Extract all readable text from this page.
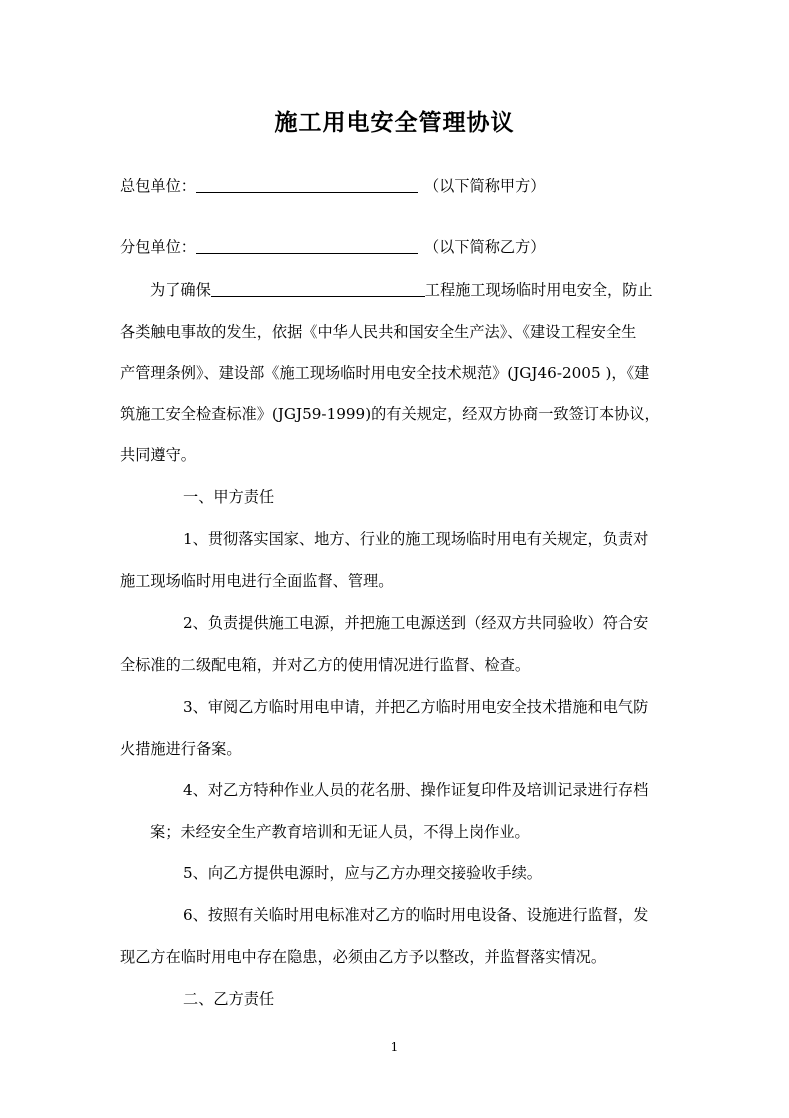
施工用电安全管理协议
总包单位：	（以下简称甲方）
分包单位：	（以下简称乙方）
为了确保	工程施工现场临时用电安全，防止
各类触电事故的发生，依据《中华人民共和国安全生产法》、《建设工程安全生
产管理条例》、建设部《施工现场临时用电安全技术规范》(JGJ46-2005 )，《建
筑施工安全检查标准》(JGJ59-1999)的有关规定，经双方协商一致签订本协议，
共同遵守。
一、甲方责任
1、贯彻落实国家、地方、行业的施工现场临时用电有关规定，负责对
施工现场临时用电进行全面监督、管理。
2、负责提供施工电源，并把施工电源送到（经双方共同验收）符合安
全标准的二级配电箱，并对乙方的使用情况进行监督、检查。
3、审阅乙方临时用电申请，并把乙方临时用电安全技术措施和电气防
火措施进行备案。
4、对乙方特种作业人员的花名册、操作证复印件及培训记录进行存档
案；未经安全生产教育培训和无证人员，不得上岗作业。
5、向乙方提供电源时，应与乙方办理交接验收手续。
6、按照有关临时用电标准对乙方的临时用电设备、设施进行监督，发
现乙方在临时用电中存在隐患，必须由乙方予以整改，并监督落实情况。
二、乙方责任
1
